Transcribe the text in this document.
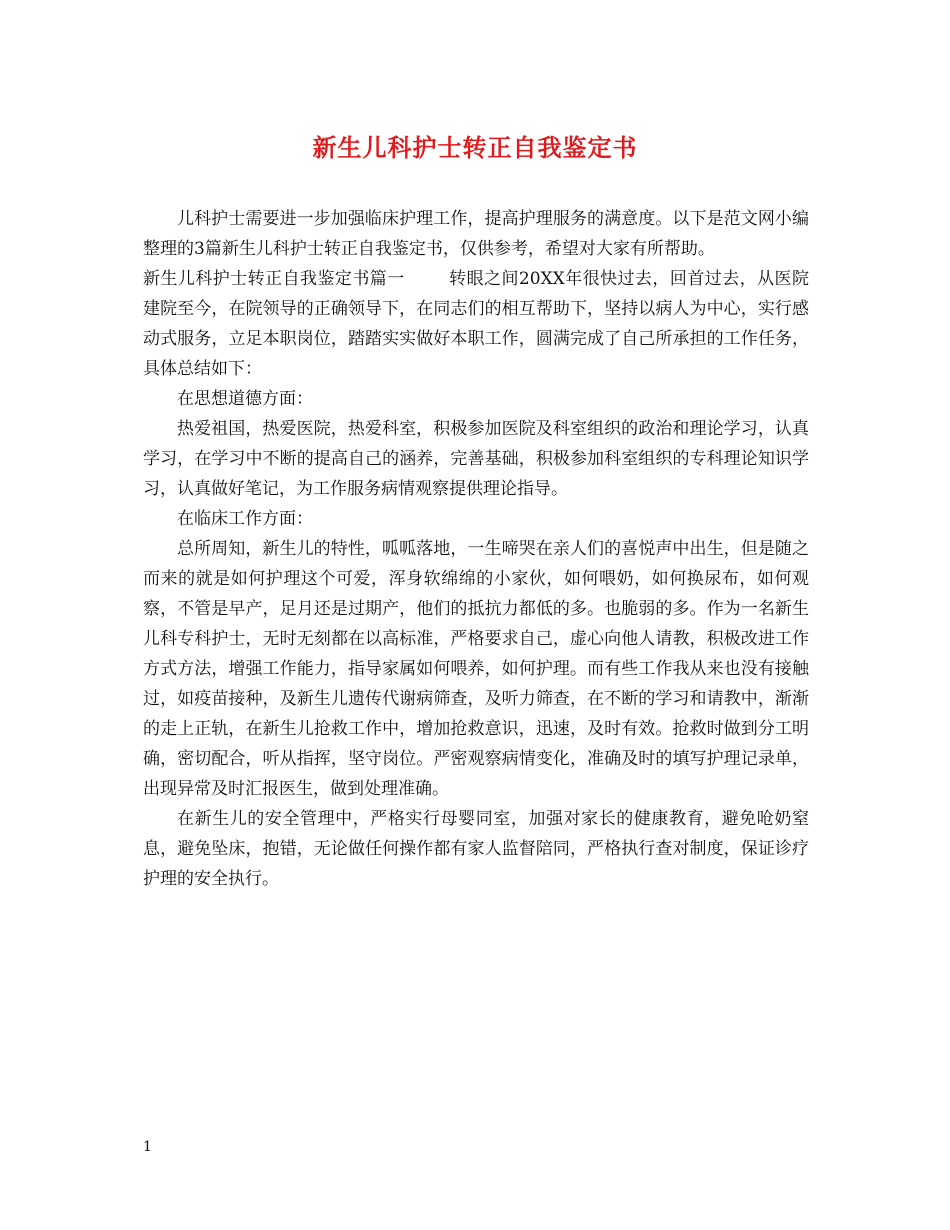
新生儿科护士转正自我鉴定书

儿科护士需要进一步加强临床护理工作，提高护理服务的满意度。以下是范文网小编整理的3篇新生儿科护士转正自我鉴定书，仅供参考，希望对大家有所帮助。

新生儿科护士转正自我鉴定书篇一	转眼之间20XX年很快过去，回首过去，从医院建院至今，在院领导的正确领导下，在同志们的相互帮助下，坚持以病人为中心，实行感动式服务，立足本职岗位，踏踏实实做好本职工作，圆满完成了自己所承担的工作任务，具体总结如下：

在思想道德方面：

热爱祖国，热爱医院，热爱科室，积极参加医院及科室组织的政治和理论学习，认真学习，在学习中不断的提高自己的涵养，完善基础，积极参加科室组织的专科理论知识学习，认真做好笔记，为工作服务病情观察提供理论指导。

在临床工作方面：

总所周知，新生儿的特性，呱呱落地，一生啼哭在亲人们的喜悦声中出生，但是随之而来的就是如何护理这个可爱，浑身软绵绵的小家伙，如何喂奶，如何换尿布，如何观察，不管是早产，足月还是过期产，他们的抵抗力都低的多。也脆弱的多。作为一名新生儿科专科护士，无时无刻都在以高标准，严格要求自己，虚心向他人请教，积极改进工作方式方法，增强工作能力，指导家属如何喂养，如何护理。而有些工作我从来也没有接触过，如疫苗接种，及新生儿遗传代谢病筛查，及听力筛查，在不断的学习和请教中，渐渐的走上正轨，在新生儿抢救工作中，增加抢救意识，迅速，及时有效。抢救时做到分工明确，密切配合，听从指挥，坚守岗位。严密观察病情变化，准确及时的填写护理记录单，出现异常及时汇报医生，做到处理准确。

在新生儿的安全管理中，严格实行母婴同室，加强对家长的健康教育，避免呛奶窒息，避免坠床，抱错，无论做任何操作都有家人监督陪同，严格执行查对制度，保证诊疗护理的安全执行。

1
